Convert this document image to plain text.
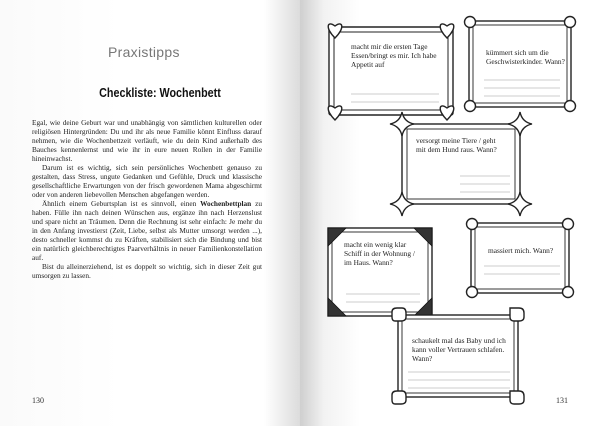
Praxistipps
Checkliste: Wochenbett

Egal, wie deine Geburt war und unabhängig von sämtlichen kulturellen oder religiösen Hintergründen: Du und ihr als neue Familie könnt Einfluss darauf nehmen, wie die Wochenbettzeit verläuft, wie du dein Kind außerhalb des Bauches kennenlernst und wie ihr in eure neuen Rollen in der Familie hineinwachst.

Darum ist es wichtig, sich sein persönliches Wochenbett genauso zu gestalten, dass Stress, ungute Gedanken und Gefühle, Druck und klassische gesellschaftliche Erwartungen von der frisch gewordenen Mama abgeschirmt oder von anderen liebevollen Menschen abgefangen werden.

Ähnlich einem Geburtsplan ist es sinnvoll, einen Wochenbettplan zu haben. Fülle ihn nach deinen Wünschen aus, ergänze ihn nach Herzenslust und spare nicht an Träumen. Denn die Rechnung ist sehr einfach: Je mehr du in den Anfang investierst (Zeit, Liebe, selbst als Mutter umsorgt werden ...), desto schneller kommst du zu Kräften, stabilisiert sich die Bindung und bist ein natürlich gleichberechtigtes Paarverhältnis in neuer Familienkonstellation auf.

Bist du alleinerziehend, ist es doppelt so wichtig, sich in dieser Zeit gut umsorgen zu lassen.

130
macht mir die ersten Tage Essen/bringt es mir. Ich habe Appetit auf
kümmert sich um die Geschwisterkinder. Wann?
versorgt meine Tiere / geht mit dem Hund raus. Wann?
macht ein wenig klar Schiff in der Wohnung / im Haus. Wann?
massiert mich. Wann?
schaukelt mal das Baby und ich kann voller Vertrauen schlafen. Wann?
131
